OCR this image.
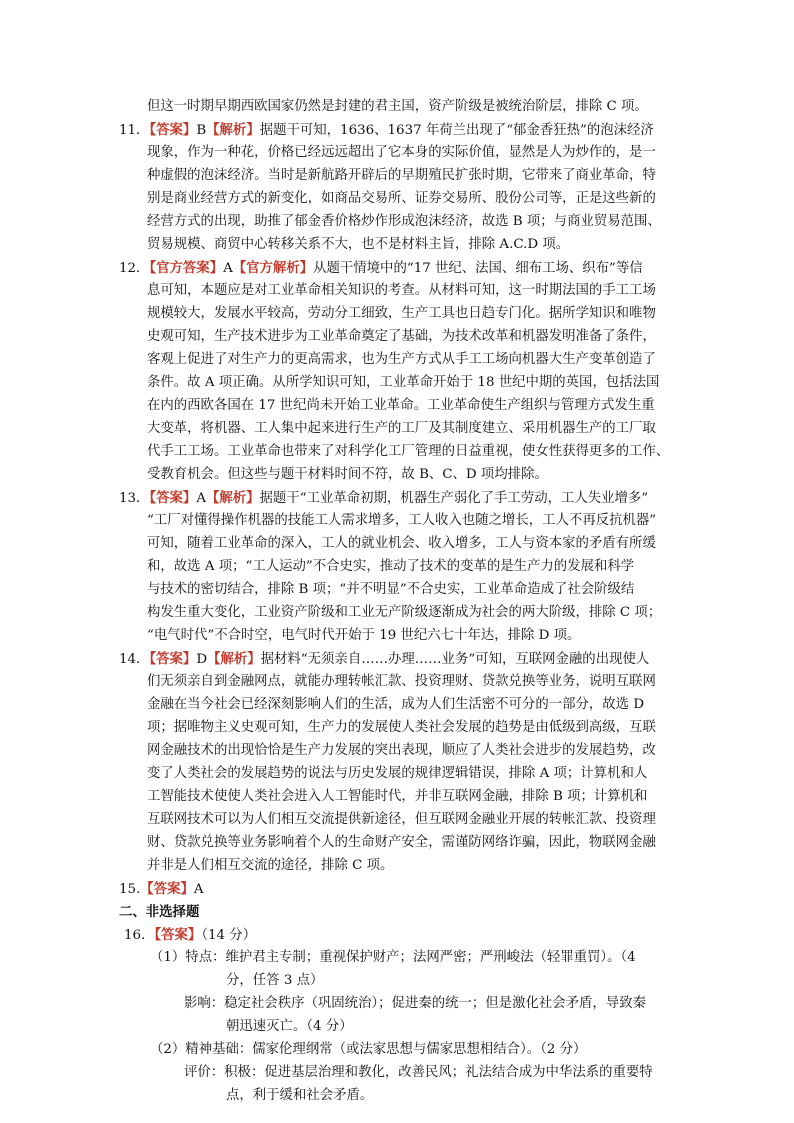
但这一时期早期西欧国家仍然是封建的君主国，资产阶级是被统治阶层，排除 C 项。
11．【答案】B【解析】据题干可知，1636、1637 年荷兰出现了“郁金香狂热”的泡沫经济
现象，作为一种花，价格已经远远超出了它本身的实际价值，显然是人为炒作的，是一
种虚假的泡沫经济。当时是新航路开辟后的早期殖民扩张时期，它带来了商业革命，特
别是商业经营方式的新变化，如商品交易所、证券交易所、股份公司等，正是这些新的
经营方式的出现，助推了郁金香价格炒作形成泡沫经济，故选 B 项；与商业贸易范围、
贸易规模、商贸中心转移关系不大，也不是材料主旨，排除 A.C.D 项。
12．【官方答案】A【官方解析】从题干情境中的“17 世纪、法国、细布工场、织布”等信
息可知，本题应是对工业革命相关知识的考查。从材料可知，这一时期法国的手工工场
规模较大，发展水平较高，劳动分工细致，生产工具也日趋专门化。据所学知识和唯物
史观可知，生产技术进步为工业革命奠定了基础，为技术改革和机器发明准备了条件，
客观上促进了对生产力的更高需求，也为生产方式从手工工场向机器大生产变革创造了
条件。故 A 项正确。从所学知识可知，工业革命开始于 18 世纪中期的英国，包括法国
在内的西欧各国在 17 世纪尚未开始工业革命。工业革命使生产组织与管理方式发生重
大变革，将机器、工人集中起来进行生产的工厂及其制度建立、采用机器生产的工厂取
代手工工场。工业革命也带来了对科学化工厂管理的日益重视，使女性获得更多的工作、
受教育机会。但这些与题干材料时间不符，故 B、C、D 项均排除。
13．【答案】A【解析】据题干“工业革命初期，机器生产弱化了手工劳动，工人失业增多”
“工厂对懂得操作机器的技能工人需求增多，工人收入也随之增长，工人不再反抗机器”
可知，随着工业革命的深入，工人的就业机会、收入增多，工人与资本家的矛盾有所缓
和，故选 A 项；“工人运动”不合史实，推动了技术的变革的是生产力的发展和科学
与技术的密切结合，排除 B 项；“并不明显”不合史实，工业革命造成了社会阶级结
构发生重大变化，工业资产阶级和工业无产阶级逐渐成为社会的两大阶级，排除 C 项；
“电气时代”不合时空，电气时代开始于 19 世纪六七十年达，排除 D 项。
14．【答案】D【解析】据材料“无须亲自……办理……业务”可知，互联网金融的出现使人
们无须亲自到金融网点，就能办理转帐汇款、投资理财、贷款兑换等业务，说明互联网
金融在当今社会已经深刻影响人们的生活，成为人们生活密不可分的一部分，故选 D
项；据唯物主义史观可知，生产力的发展使人类社会发展的趋势是由低级到高级，互联
网金融技术的出现恰恰是生产力发展的突出表现，顺应了人类社会进步的发展趋势，改
变了人类社会的发展趋势的说法与历史发展的规律逻辑错误，排除 A 项；计算机和人
工智能技术使使人类社会进入人工智能时代，并非互联网金融，排除 B 项；计算机和
互联网技术可以为人们相互交流提供新途径，但互联网金融业开展的转帐汇款、投资理
财、贷款兑换等业务影响着个人的生命财产安全，需谨防网络诈骗，因此，物联网金融
并非是人们相互交流的途径，排除 C 项。
15.【答案】A
二、非选择题
16．【答案】（14 分）
（1）特点：维护君主专制；重视保护财产；法网严密；严刑峻法（轻罪重罚）。（4
分，任答 3 点）
影响：稳定社会秩序（巩固统治）；促进秦的统一；但是激化社会矛盾，导致秦
朝迅速灭亡。（4 分）
（2）精神基础：儒家伦理纲常（或法家思想与儒家思想相结合）。（2 分）
评价：积极：促进基层治理和教化，改善民风；礼法结合成为中华法系的重要特
点，利于缓和社会矛盾。
